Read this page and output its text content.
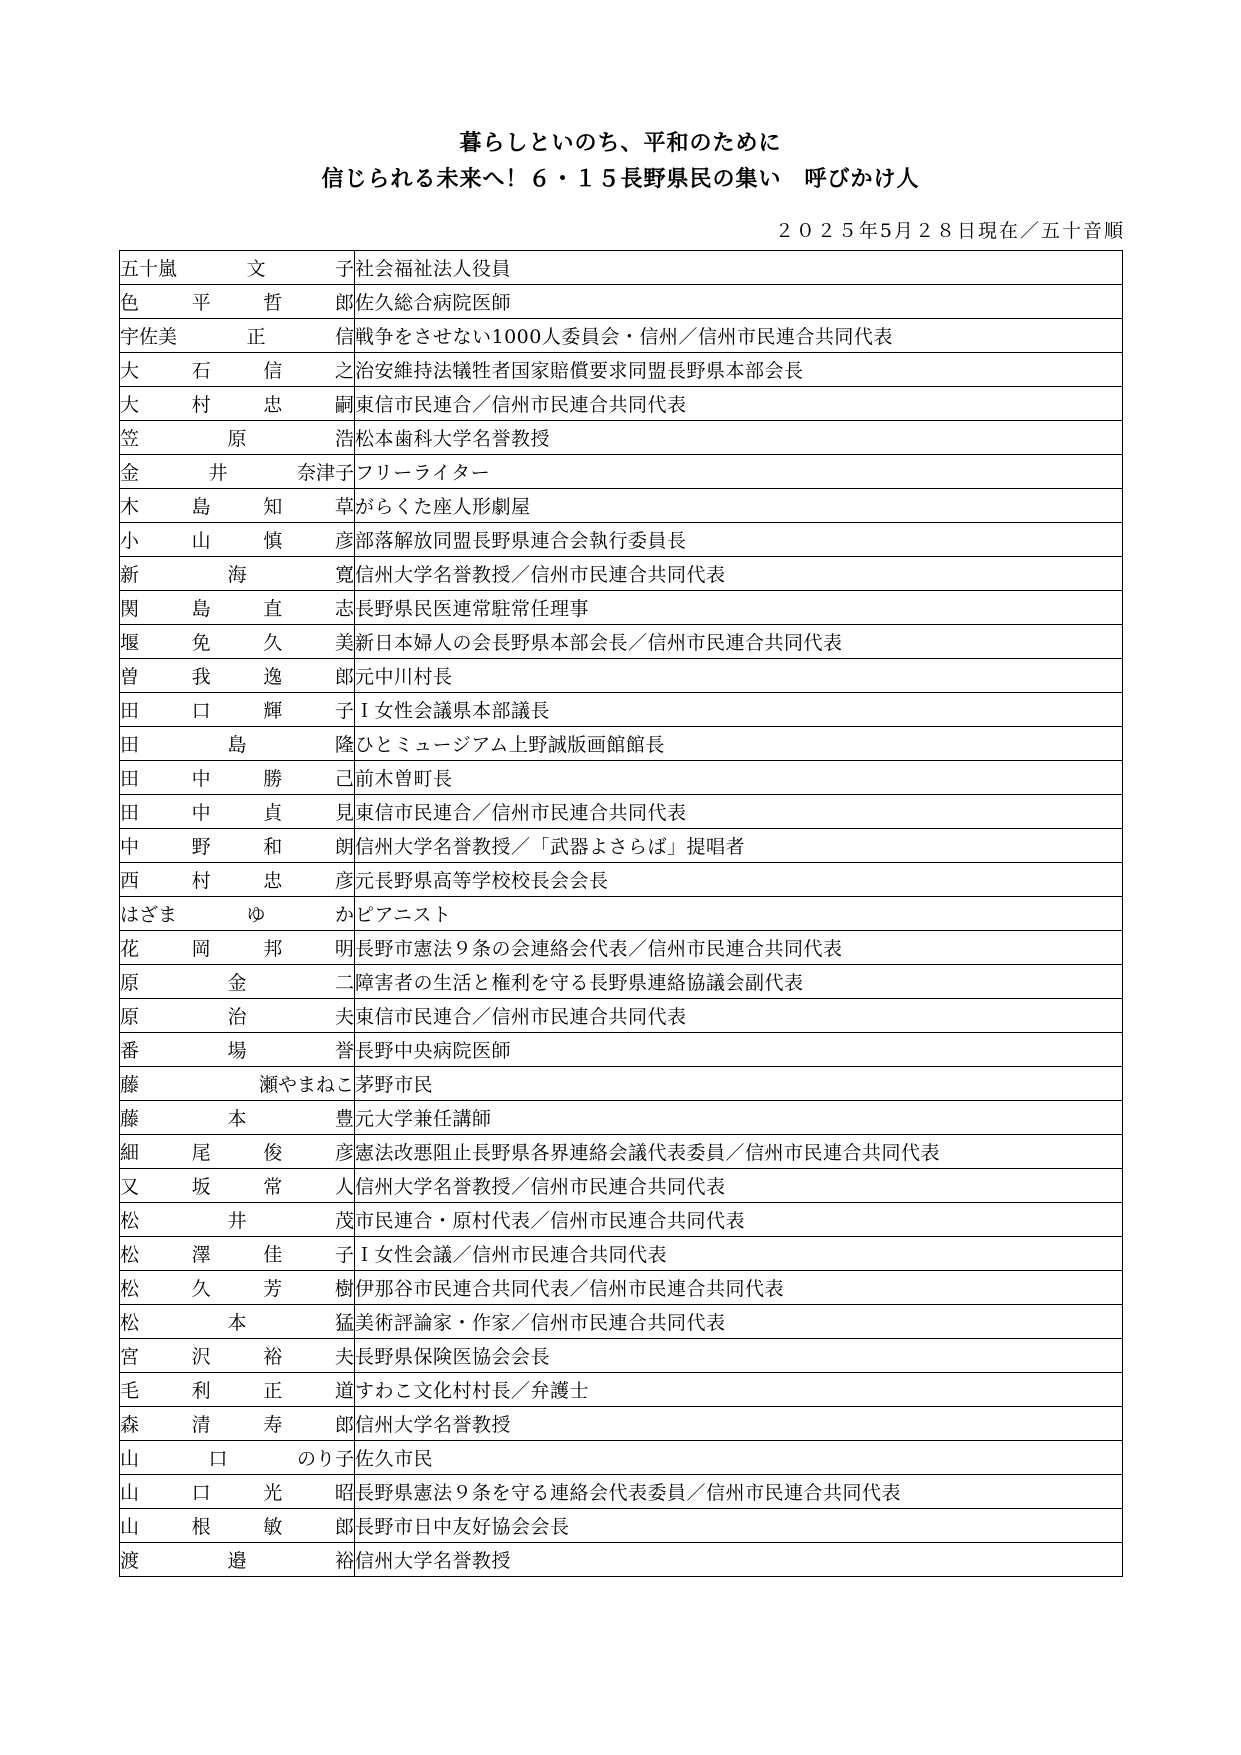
暮らしといのち、平和のために
信じられる未来へ！６・１５長野県民の集い　呼びかけ人
２０２５年5月２８日現在／五十音順
五十嵐 文 子	社会福祉法人役員

色 平 哲 郎	佐久総合病院医師

宇佐美 正 信	戦争をさせない1000人委員会・信州／信州市民連合共同代表

大 石 信 之	治安維持法犠牲者国家賠償要求同盟長野県本部会長

大 村 忠 嗣	東信市民連合／信州市民連合共同代表

笠 原 浩	松本歯科大学名誉教授

金 井 奈津子	フリーライター

木 島 知 草	がらくた座人形劇屋

小 山 慎 彦	部落解放同盟長野県連合会執行委員長

新 海 寛	信州大学名誉教授／信州市民連合共同代表

関 島 直 志	長野県民医連常駐常任理事

堰 免 久 美	新日本婦人の会長野県本部会長／信州市民連合共同代表

曽 我 逸 郎	元中川村長

田 口 輝 子	Ｉ女性会議県本部議長

田 島 隆	ひとミュージアム上野誠版画館館長

田 中 勝 己	前木曽町長

田 中 貞 見	東信市民連合／信州市民連合共同代表

中 野 和 朗	信州大学名誉教授／「武器よさらば」提唱者

西 村 忠 彦	元長野県高等学校校長会会長

はざま ゆ か	ピアニスト

花 岡 邦 明	長野市憲法９条の会連絡会代表／信州市民連合共同代表

原 金 二	障害者の生活と権利を守る長野県連絡協議会副代表

原 治 夫	東信市民連合／信州市民連合共同代表

番 場 誉	長野中央病院医師

藤 瀬やまねこ	茅野市民

藤 本 豊	元大学兼任講師

細 尾 俊 彦	憲法改悪阻止長野県各界連絡会議代表委員／信州市民連合共同代表

又 坂 常 人	信州大学名誉教授／信州市民連合共同代表

松 井 茂	市民連合・原村代表／信州市民連合共同代表

松 澤 佳 子	Ｉ女性会議／信州市民連合共同代表

松 久 芳 樹	伊那谷市民連合共同代表／信州市民連合共同代表

松 本 猛	美術評論家・作家／信州市民連合共同代表

宮 沢 裕 夫	長野県保険医協会会長

毛 利 正 道	すわこ文化村村長／弁護士

森 清 寿 郎	信州大学名誉教授

山 口 のり子	佐久市民

山 口 光 昭	長野県憲法９条を守る連絡会代表委員／信州市民連合共同代表

山 根 敏 郎	長野市日中友好協会会長

渡 邉 裕	信州大学名誉教授
